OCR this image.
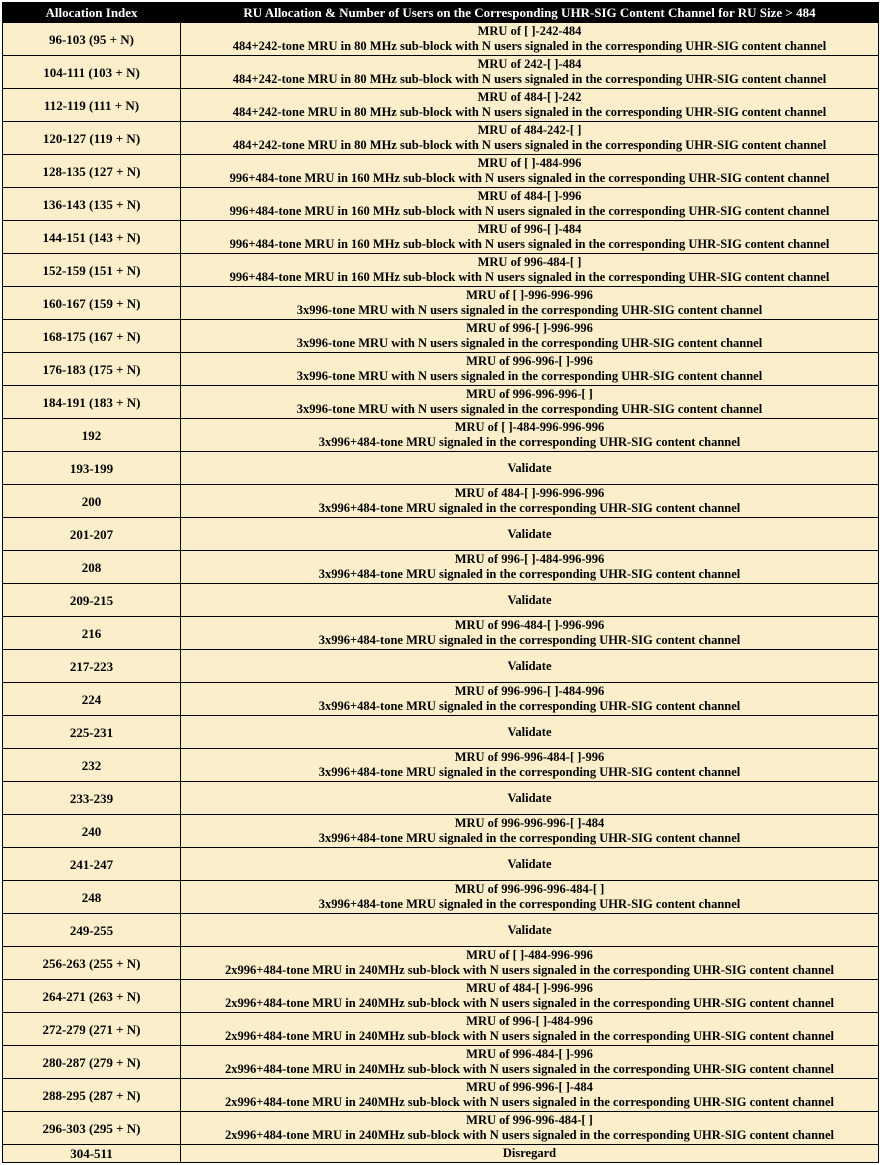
Allocation Index	RU Allocation & Number of Users on the Corresponding UHR-SIG Content Channel for RU Size > 484
96-103 (95 + N)	MRU of [ ]-242-484
484+242-tone MRU in 80 MHz sub-block with N users signaled in the corresponding UHR-SIG content channel

104-111 (103 + N)	MRU of 242-[ ]-484
484+242-tone MRU in 80 MHz sub-block with N users signaled in the corresponding UHR-SIG content channel

112-119 (111 + N)	MRU of 484-[ ]-242
484+242-tone MRU in 80 MHz sub-block with N users signaled in the corresponding UHR-SIG content channel

120-127 (119 + N)	MRU of 484-242-[ ]
484+242-tone MRU in 80 MHz sub-block with N users signaled in the corresponding UHR-SIG content channel

128-135 (127 + N)	MRU of [ ]-484-996
996+484-tone MRU in 160 MHz sub-block with N users signaled in the corresponding UHR-SIG content channel

136-143 (135 + N)	MRU of 484-[ ]-996
996+484-tone MRU in 160 MHz sub-block with N users signaled in the corresponding UHR-SIG content channel

144-151 (143 + N)	MRU of 996-[ ]-484
996+484-tone MRU in 160 MHz sub-block with N users signaled in the corresponding UHR-SIG content channel

152-159 (151 + N)	MRU of 996-484-[ ]
996+484-tone MRU in 160 MHz sub-block with N users signaled in the corresponding UHR-SIG content channel

160-167 (159 + N)	MRU of [ ]-996-996-996
3x996-tone MRU with N users signaled in the corresponding UHR-SIG content channel

168-175 (167 + N)	MRU of 996-[ ]-996-996
3x996-tone MRU with N users signaled in the corresponding UHR-SIG content channel

176-183 (175 + N)	MRU of 996-996-[ ]-996
3x996-tone MRU with N users signaled in the corresponding UHR-SIG content channel

184-191 (183 + N)	MRU of 996-996-996-[ ]
3x996-tone MRU with N users signaled in the corresponding UHR-SIG content channel

192	MRU of [ ]-484-996-996-996
3x996+484-tone MRU signaled in the corresponding UHR-SIG content channel

193-199	Validate

200	MRU of 484-[ ]-996-996-996
3x996+484-tone MRU signaled in the corresponding UHR-SIG content channel

201-207	Validate

208	MRU of 996-[ ]-484-996-996
3x996+484-tone MRU signaled in the corresponding UHR-SIG content channel

209-215	Validate

216	MRU of 996-484-[ ]-996-996
3x996+484-tone MRU signaled in the corresponding UHR-SIG content channel

217-223	Validate

224	MRU of 996-996-[ ]-484-996
3x996+484-tone MRU signaled in the corresponding UHR-SIG content channel

225-231	Validate

232	MRU of 996-996-484-[ ]-996
3x996+484-tone MRU signaled in the corresponding UHR-SIG content channel

233-239	Validate

240	MRU of 996-996-996-[ ]-484
3x996+484-tone MRU signaled in the corresponding UHR-SIG content channel

241-247	Validate

248	MRU of 996-996-996-484-[ ]
3x996+484-tone MRU signaled in the corresponding UHR-SIG content channel

249-255	Validate

256-263 (255 + N)	MRU of [ ]-484-996-996
2x996+484-tone MRU in 240MHz sub-block with N users signaled in the corresponding UHR-SIG content channel

264-271 (263 + N)	MRU of 484-[ ]-996-996
2x996+484-tone MRU in 240MHz sub-block with N users signaled in the corresponding UHR-SIG content channel

272-279 (271 + N)	MRU of 996-[ ]-484-996
2x996+484-tone MRU in 240MHz sub-block with N users signaled in the corresponding UHR-SIG content channel

280-287 (279 + N)	MRU of 996-484-[ ]-996
2x996+484-tone MRU in 240MHz sub-block with N users signaled in the corresponding UHR-SIG content channel

288-295 (287 + N)	MRU of 996-996-[ ]-484
2x996+484-tone MRU in 240MHz sub-block with N users signaled in the corresponding UHR-SIG content channel

296-303 (295 + N)	MRU of 996-996-484-[ ]
2x996+484-tone MRU in 240MHz sub-block with N users signaled in the corresponding UHR-SIG content channel

304-511	Disregard
